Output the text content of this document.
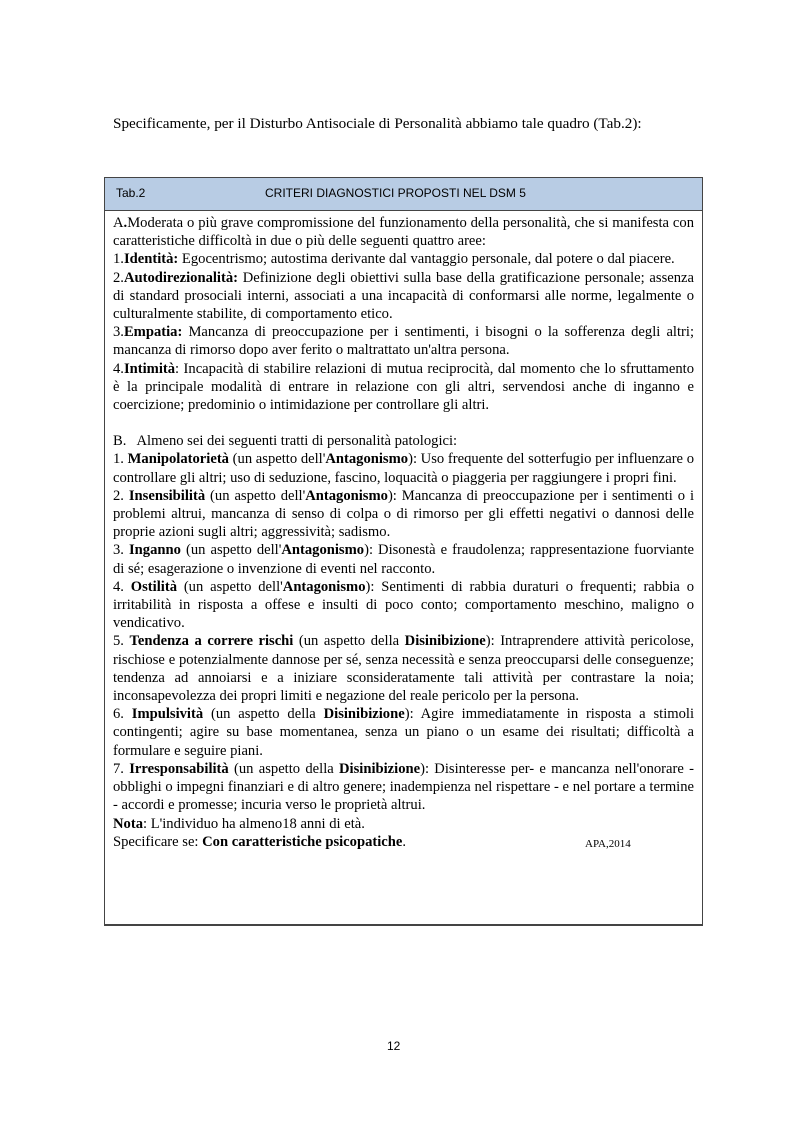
Specificamente, per il Disturbo Antisociale di Personalità abbiamo tale quadro (Tab.2):
Tab.2	CRITERI DIAGNOSTICI PROPOSTI NEL DSM 5

A.Moderata o più grave compromissione del funzionamento della personalità, che si manifesta con caratteristiche difficoltà in due o più delle seguenti quattro aree:

1.Identità: Egocentrismo; autostima derivante dal vantaggio personale, dal potere o dal piacere.

2.Autodirezionalità: Definizione degli obiettivi sulla base della gratificazione personale; assenza di standard prosociali interni, associati a una incapacità di conformarsi alle norme, legalmente o culturalmente stabilite, di comportamento etico.

3.Empatia: Mancanza di preoccupazione per i sentimenti, i bisogni o la sofferenza degli altri; mancanza di rimorso dopo aver ferito o maltrattato un'altra persona.

4.Intimità: Incapacità di stabilire relazioni di mutua reciprocità, dal momento che lo sfruttamento è la principale modalità di entrare in relazione con gli altri, servendosi anche di inganno e coercizione; predominio o intimidazione per controllare gli altri.

B.   Almeno sei dei seguenti tratti di personalità patologici:

1. Manipolatorietà (un aspetto dell'Antagonismo): Uso frequente del sotterfugio per influenzare o controllare gli altri; uso di seduzione, fascino, loquacità o piaggeria per raggiungere i propri fini.

2. Insensibilità (un aspetto dell'Antagonismo): Mancanza di preoccupazione per i sentimenti o i problemi altrui, mancanza di senso di colpa o di rimorso per gli effetti negativi o dannosi delle proprie azioni sugli altri; aggressività; sadismo.

3. Inganno (un aspetto dell'Antagonismo): Disonestà e fraudolenza; rappresentazione fuorviante di sé; esagerazione o invenzione di eventi nel racconto.

4. Ostilità (un aspetto dell'Antagonismo): Sentimenti di rabbia duraturi o frequenti; rabbia o irritabilità in risposta a offese e insulti di poco conto; comportamento meschino, maligno o vendicativo.

5. Tendenza a correre rischi (un aspetto della Disinibizione): Intraprendere attività pericolose, rischiose e potenzialmente dannose per sé, senza necessità e senza preoccuparsi delle conseguenze; tendenza ad annoiarsi e a iniziare sconsideratamente tali attività per contrastare la noia; inconsapevolezza dei propri limiti e negazione del reale pericolo per la persona.

6. Impulsività (un aspetto della Disinibizione): Agire immediatamente in risposta a stimoli contingenti; agire su base momentanea, senza un piano o un esame dei risultati; difficoltà a formulare e seguire piani.

7. Irresponsabilità (un aspetto della Disinibizione): Disinteresse per- e mancanza nell'onorare - obblighi o impegni finanziari e di altro genere; inadempienza nel rispettare - e nel portare a termine - accordi e promesse; incuria verso le proprietà altrui.

Nota: L'individuo ha almeno18 anni di età.

Specificare se: Con caratteristiche psicopatiche.	APA,2014

12
